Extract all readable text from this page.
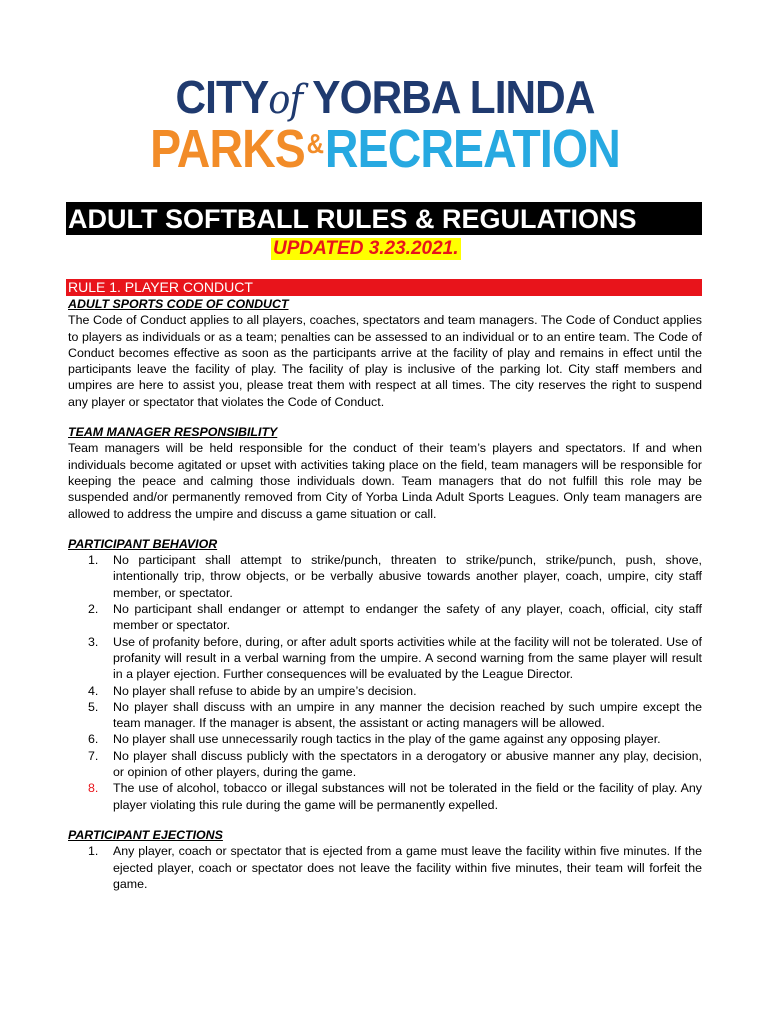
CITYof YORBA LINDA
PARKS&RECREATION
ADULT SOFTBALL RULES & REGULATIONS
UPDATED 3.23.2021.
RULE 1. PLAYER CONDUCT

ADULT SPORTS CODE OF CONDUCT

The Code of Conduct applies to all players, coaches, spectators and team managers. The Code of Conduct applies to players as individuals or as a team; penalties can be assessed to an individual or to an entire team. The Code of Conduct becomes effective as soon as the participants arrive at the facility of play and remains in effect until the participants leave the facility of play. The facility of play is inclusive of the parking lot. City staff members and umpires are here to assist you, please treat them with respect at all times. The city reserves the right to suspend any player or spectator that violates the Code of Conduct.

TEAM MANAGER RESPONSIBILITY

Team managers will be held responsible for the conduct of their team’s players and spectators. If and when individuals become agitated or upset with activities taking place on the field, team managers will be responsible for keeping the peace and calming those individuals down. Team managers that do not fulfill this role may be suspended and/or permanently removed from City of Yorba Linda Adult Sports Leagues. Only team managers are allowed to address the umpire and discuss a game situation or call.

PARTICIPANT BEHAVIOR

1. No participant shall attempt to strike/punch, threaten to strike/punch, strike/punch, push, shove, intentionally trip, throw objects, or be verbally abusive towards another player, coach, umpire, city staff member, or spectator.
2. No participant shall endanger or attempt to endanger the safety of any player, coach, official, city staff member or spectator.
3. Use of profanity before, during, or after adult sports activities while at the facility will not be tolerated. Use of profanity will result in a verbal warning from the umpire. A second warning from the same player will result in a player ejection. Further consequences will be evaluated by the League Director.
4. No player shall refuse to abide by an umpire’s decision.
5. No player shall discuss with an umpire in any manner the decision reached by such umpire except the team manager. If the manager is absent, the assistant or acting managers will be allowed.
6. No player shall use unnecessarily rough tactics in the play of the game against any opposing player.
7. No player shall discuss publicly with the spectators in a derogatory or abusive manner any play, decision, or opinion of other players, during the game.
8. The use of alcohol, tobacco or illegal substances will not be tolerated in the field or the facility of play. Any player violating this rule during the game will be permanently expelled.

PARTICIPANT EJECTIONS

1. Any player, coach or spectator that is ejected from a game must leave the facility within five minutes. If the ejected player, coach or spectator does not leave the facility within five minutes, their team will forfeit the game.
